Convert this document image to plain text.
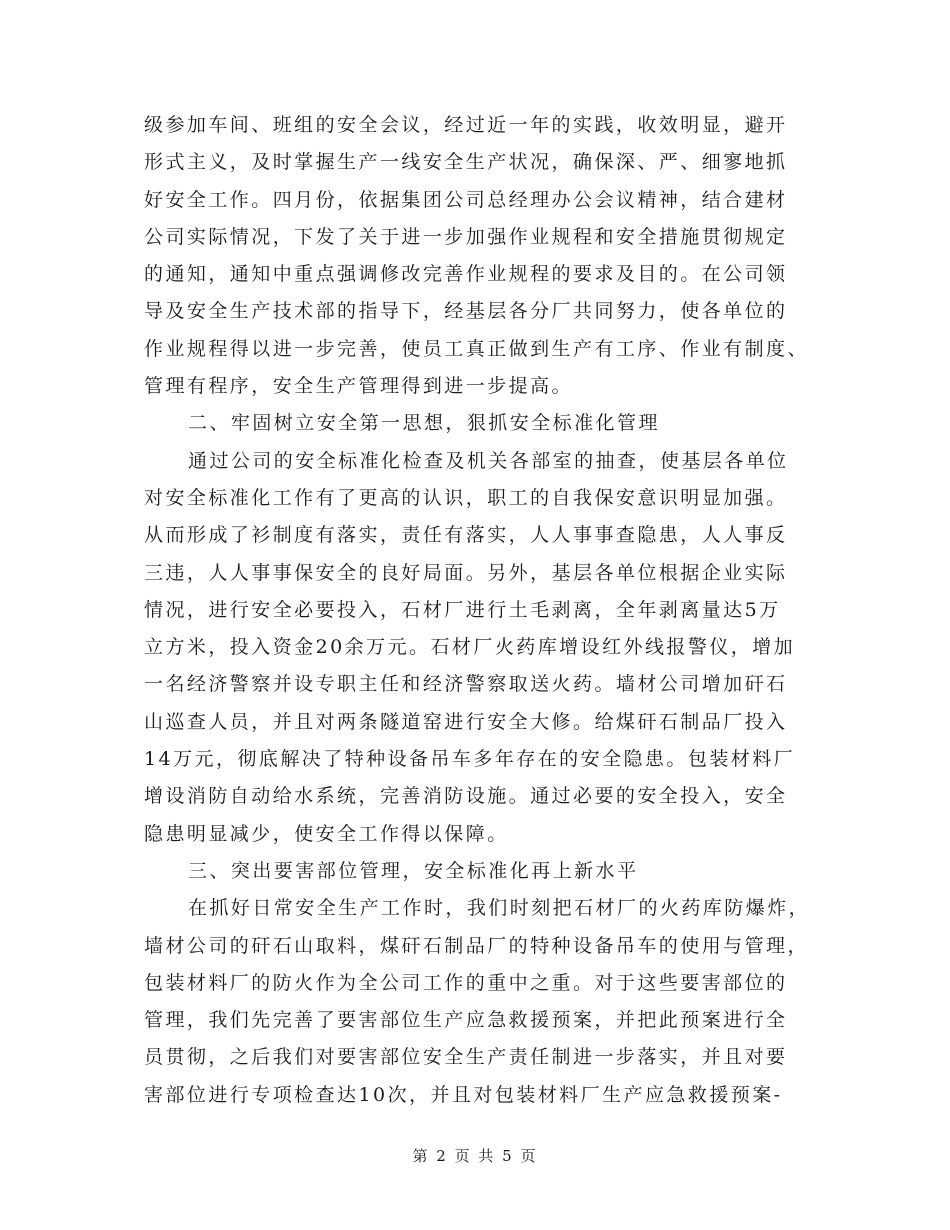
级参加车间、班组的安全会议，经过近一年的实践，收效明显，避开
形式主义，及时掌握生产一线安全生产状况，确保深、严、细寥地抓
好安全工作。四月份，依据集团公司总经理办公会议精神，结合建材
公司实际情况，下发了关于进一步加强作业规程和安全措施贯彻规定
的通知，通知中重点强调修改完善作业规程的要求及目的。在公司领
导及安全生产技术部的指导下，经基层各分厂共同努力，使各单位的
作业规程得以进一步完善，使员工真正做到生产有工序、作业有制度、
管理有程序，安全生产管理得到进一步提高。
二、牢固树立安全第一思想，狠抓安全标准化管理
通过公司的安全标准化检查及机关各部室的抽查，使基层各单位
对安全标准化工作有了更高的认识，职工的自我保安意识明显加强。
从而形成了衫制度有落实，责任有落实，人人事事查隐患，人人事反
三违，人人事事保安全的良好局面。另外，基层各单位根据企业实际
情况，进行安全必要投入，石材厂进行土毛剥离，全年剥离量达5万
立方米，投入资金20余万元。石材厂火药库增设红外线报警仪，增加
一名经济警察并设专职主任和经济警察取送火药。墙材公司增加矸石
山巡查人员，并且对两条隧道窑进行安全大修。给煤矸石制品厂投入
14万元，彻底解决了特种设备吊车多年存在的安全隐患。包装材料厂
增设消防自动给水系统，完善消防设施。通过必要的安全投入，安全
隐患明显减少，使安全工作得以保障。
三、突出要害部位管理，安全标准化再上新水平
在抓好日常安全生产工作时，我们时刻把石材厂的火药库防爆炸，
墙材公司的矸石山取料，煤矸石制品厂的特种设备吊车的使用与管理，
包装材料厂的防火作为全公司工作的重中之重。对于这些要害部位的
管理，我们先完善了要害部位生产应急救援预案，并把此预案进行全
员贯彻，之后我们对要害部位安全生产责任制进一步落实，并且对要
害部位进行专项检查达10次，并且对包装材料厂生产应急救援预案-
第 2 页 共 5 页
